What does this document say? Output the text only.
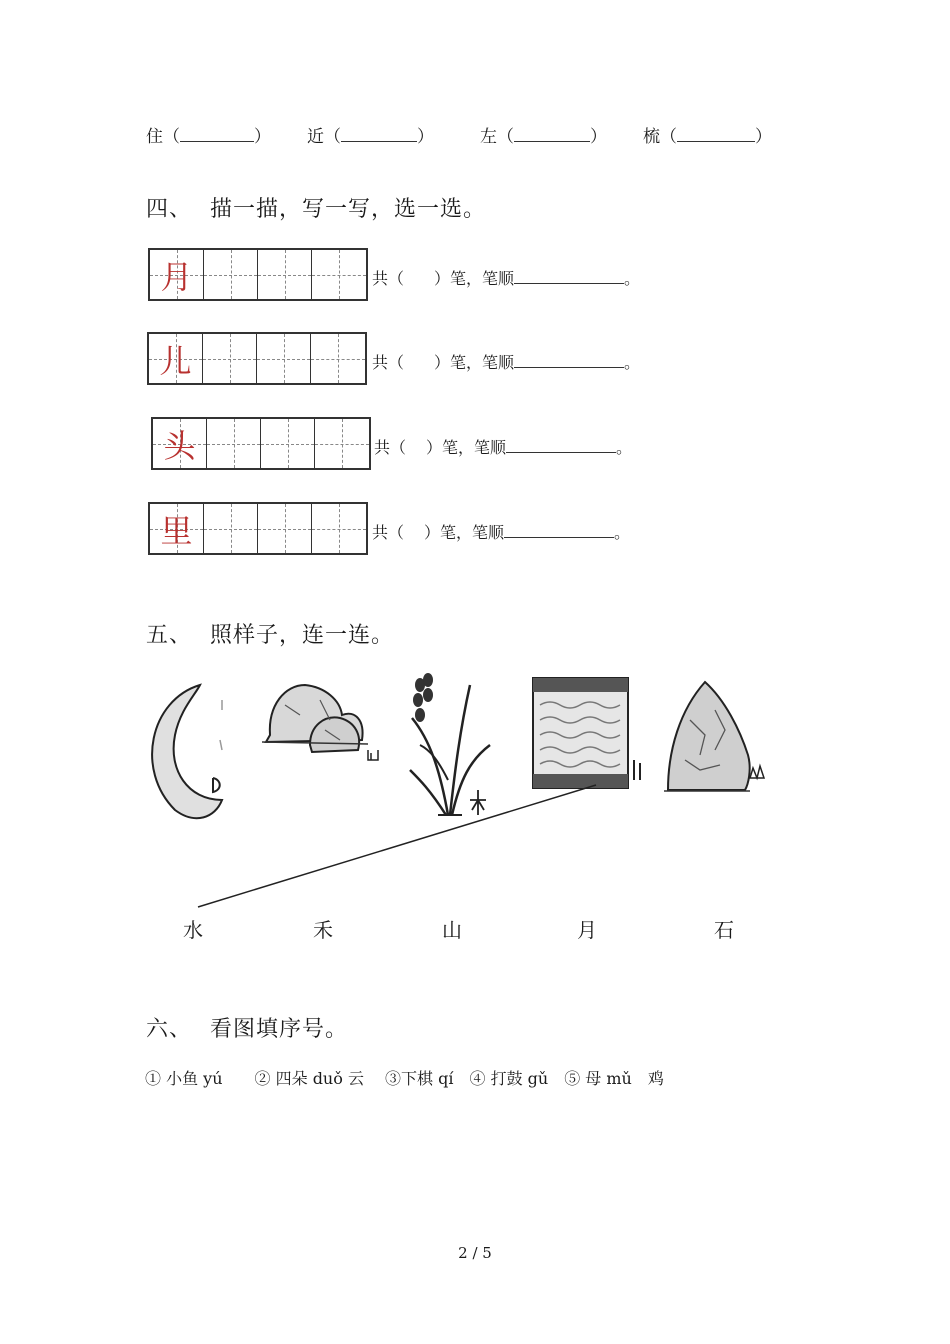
住（	） 近（	）	左（	） 梳（	）
四、 描一描，写一写，选一选。
月	共（ ）笔，笔顺	。
儿	共（ ）笔，笔顺	。
头	共（ ）笔，笔顺	。
里	共（ ）笔，笔顺	。
五、 照样子，连一连。
水	禾	山	月	石
六、 看图填序号。
① 小鱼 yú　　② 四朵 duǒ 云　 ③下棋 qí　④ 打鼓 gǔ　⑤ 母 mǔ　鸡
2 / 5
